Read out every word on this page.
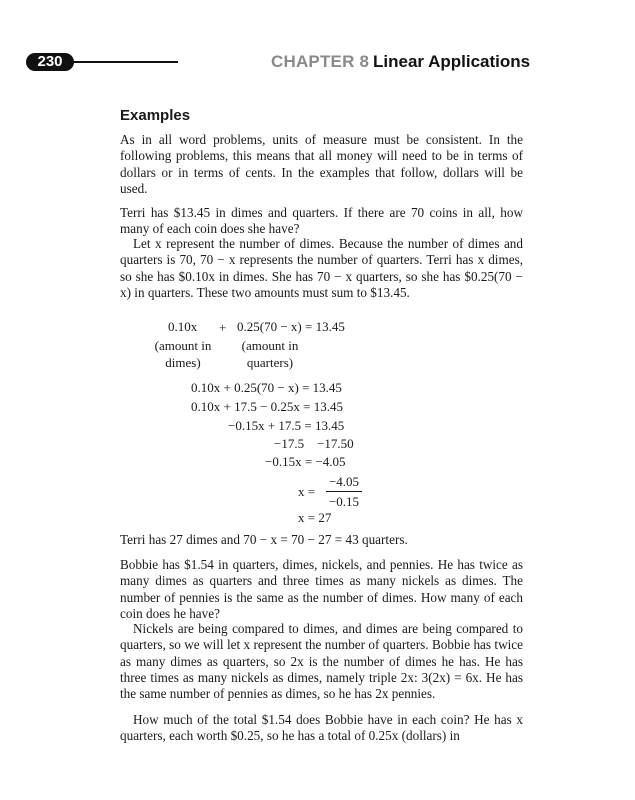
230	CHAPTER 8 Linear Applications
Examples

As in all word problems, units of measure must be consistent. In the following problems, this means that all money will need to be in terms of dollars or in terms of cents. In the examples that follow, dollars will be used.

Terri has $13.45 in dimes and quarters. If there are 70 coins in all, how many of each coin does she have?

Let x represent the number of dimes. Because the number of dimes and quarters is 70, 70 − x represents the number of quarters. Terri has x dimes, so she has $0.10x in dimes. She has 70 − x quarters, so she has $0.25(70 − x) in quarters. These two amounts must sum to $13.45.

0.10x + 0.25(70 − x) = 13.45
(amount in
dimes)
(amount in
quarters)
0.10x + 0.25(70 − x) = 13.45
0.10x + 17.5 − 0.25x = 13.45
−0.15x + 17.5 = 13.45
−17.5    −17.50
−0.15x = −4.05
x =
−4.05
−0.15
x = 27

Terri has 27 dimes and 70 − x = 70 − 27 = 43 quarters.

Bobbie has $1.54 in quarters, dimes, nickels, and pennies. He has twice as many dimes as quarters and three times as many nickels as dimes. The number of pennies is the same as the number of dimes. How many of each coin does he have?

Nickels are being compared to dimes, and dimes are being compared to quarters, so we will let x represent the number of quarters. Bobbie has twice as many dimes as quarters, so 2x is the number of dimes he has. He has three times as many nickels as dimes, namely triple 2x: 3(2x) = 6x. He has the same number of pennies as dimes, so he has 2x pennies.

How much of the total $1.54 does Bobbie have in each coin? He has x quarters, each worth $0.25, so he has a total of 0.25x (dollars) in
